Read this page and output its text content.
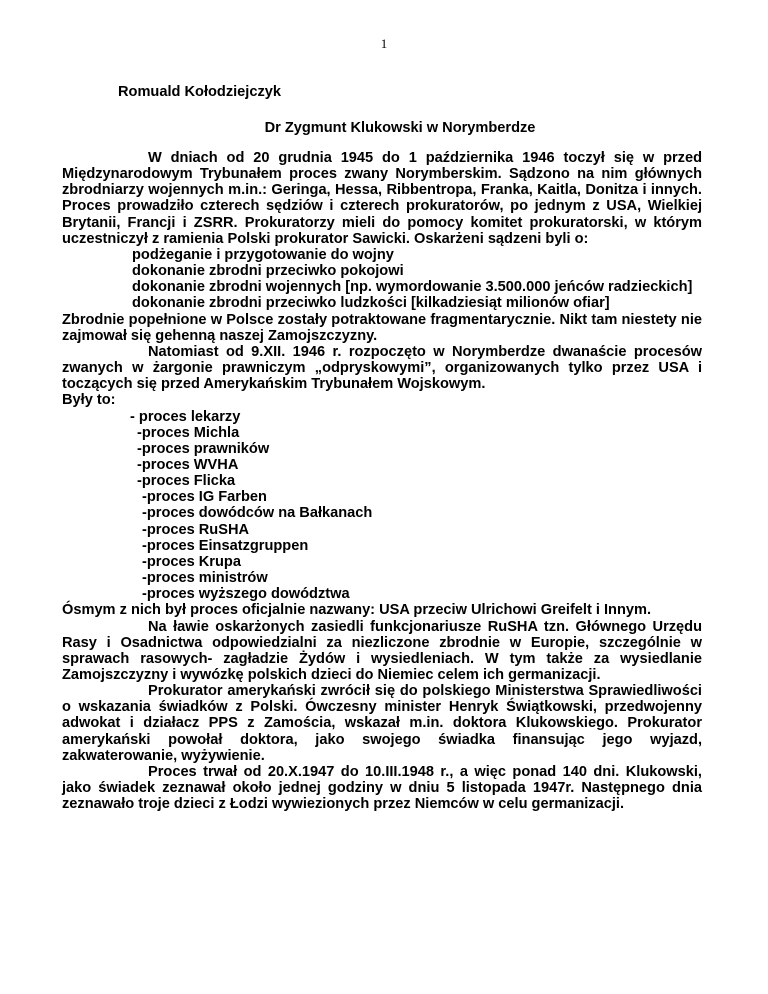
1
Romuald Kołodziejczyk
Dr Zygmunt Klukowski w Norymberdze

W dniach od 20 grudnia 1945 do 1 października 1946 toczył się w przed Międzynarodowym Trybunałem proces zwany Norymberskim. Sądzono na nim głównych zbrodniarzy wojennych m.in.: Geringa, Hessa, Ribbentropa, Franka, Kaitla, Donitza i innych. Proces prowadziło czterech sędziów i czterech prokuratorów, po jednym z USA, Wielkiej Brytanii, Francji i ZSRR. Prokuratorzy mieli do pomocy komitet prokuratorski, w którym uczestniczył z ramienia Polski prokurator Sawicki. Oskarżeni sądzeni byli o:

podżeganie i przygotowanie do wojny

dokonanie zbrodni przeciwko pokojowi

dokonanie zbrodni wojennych [np. wymordowanie 3.500.000 jeńców radzieckich]

dokonanie zbrodni przeciwko ludzkości [kilkadziesiąt milionów ofiar]

Zbrodnie popełnione w Polsce zostały potraktowane fragmentarycznie. Nikt tam niestety nie zajmował się gehenną naszej Zamojszczyzny.

Natomiast od 9.XII. 1946 r. rozpoczęto w Norymberdze dwanaście procesów zwanych w żargonie prawniczym „odpryskowymi”, organizowanych tylko przez USA i toczących się przed Amerykańskim Trybunałem Wojskowym.

Były to:

- proces lekarzy

-proces Michla

-proces prawników

-proces WVHA

-proces Flicka

-proces IG Farben

-proces dowódców na Bałkanach

-proces RuSHA

-proces Einsatzgruppen

-proces Krupa

-proces ministrów

-proces wyższego dowództwa

Ósmym z nich był proces oficjalnie nazwany: USA przeciw Ulrichowi Greifelt i Innym.

Na ławie oskarżonych zasiedli funkcjonariusze RuSHA tzn. Głównego Urzędu Rasy i Osadnictwa odpowiedzialni za niezliczone zbrodnie w Europie, szczególnie w sprawach rasowych- zagładzie Żydów i wysiedleniach. W tym także za wysiedlanie Zamojszczyzny i wywózkę polskich dzieci do Niemiec celem ich germanizacji.

Prokurator amerykański zwrócił się do polskiego Ministerstwa Sprawiedliwości o wskazania świadków z Polski. Ówczesny minister Henryk Świątkowski, przedwojenny adwokat i działacz PPS z Zamościa, wskazał m.in. doktora Klukowskiego. Prokurator amerykański powołał doktora, jako swojego świadka finansując jego wyjazd, zakwaterowanie, wyżywienie.

Proces trwał od 20.X.1947 do 10.III.1948 r., a więc ponad 140 dni. Klukowski, jako świadek zeznawał około jednej godziny w dniu 5 listopada 1947r. Następnego dnia zeznawało troje dzieci z Łodzi wywiezionych przez Niemców w celu germanizacji.
